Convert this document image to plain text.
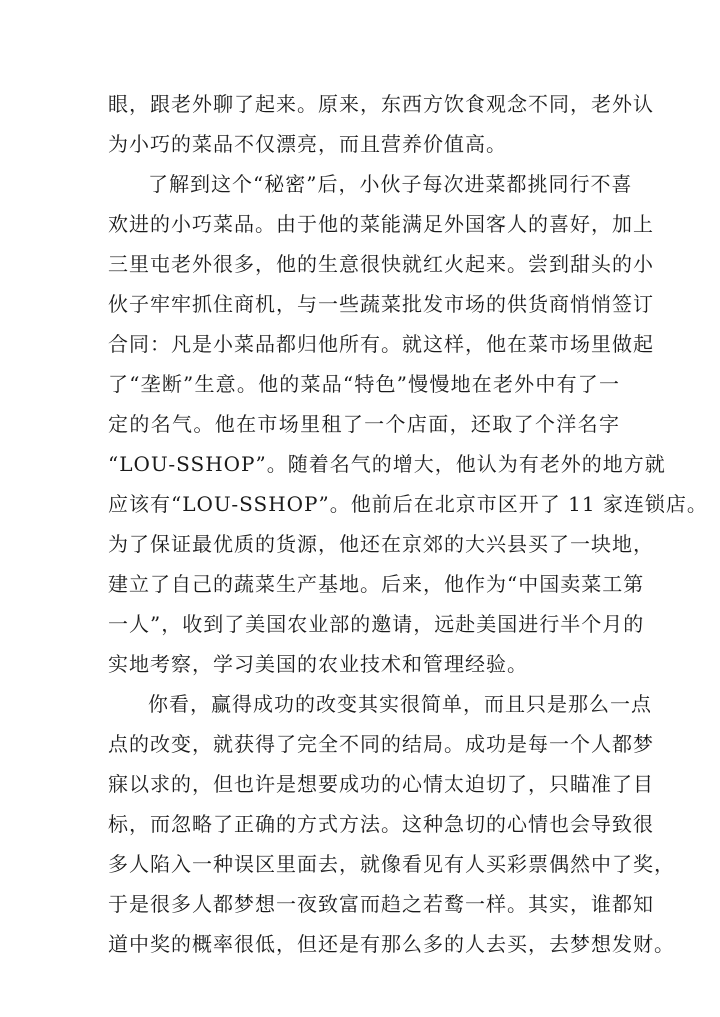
眼，跟老外聊了起来。原来，东西方饮食观念不同，老外认
为小巧的菜品不仅漂亮，而且营养价值高。
了解到这个“秘密”后，小伙子每次进菜都挑同行不喜
欢进的小巧菜品。由于他的菜能满足外国客人的喜好，加上
三里屯老外很多，他的生意很快就红火起来。尝到甜头的小
伙子牢牢抓住商机，与一些蔬菜批发市场的供货商悄悄签订
合同：凡是小菜品都归他所有。就这样，他在菜市场里做起
了“垄断”生意。他的菜品“特色”慢慢地在老外中有了一
定的名气。他在市场里租了一个店面，还取了个洋名字
“LOU-SSHOP”。随着名气的增大，他认为有老外的地方就
应该有“LOU-SSHOP”。他前后在北京市区开了 11 家连锁店。
为了保证最优质的货源，他还在京郊的大兴县买了一块地，
建立了自己的蔬菜生产基地。后来，他作为“中国卖菜工第
一人”，收到了美国农业部的邀请，远赴美国进行半个月的
实地考察，学习美国的农业技术和管理经验。
你看，赢得成功的改变其实很简单，而且只是那么一点
点的改变，就获得了完全不同的结局。成功是每一个人都梦
寐以求的，但也许是想要成功的心情太迫切了，只瞄准了目
标，而忽略了正确的方式方法。这种急切的心情也会导致很
多人陷入一种误区里面去，就像看见有人买彩票偶然中了奖，
于是很多人都梦想一夜致富而趋之若鹜一样。其实，谁都知
道中奖的概率很低，但还是有那么多的人去买，去梦想发财。
